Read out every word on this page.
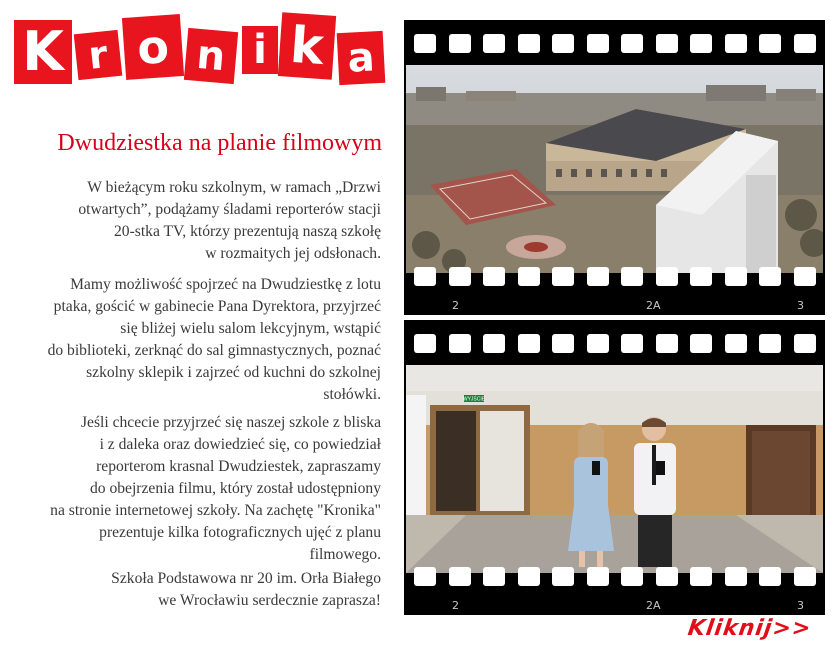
K r o n i k a
Dwudziestka na planie filmowym

W bieżącym roku szkolnym, w ramach „Drzwi

otwartych”, podążamy śladami reporterów stacji

20-stka TV, którzy prezentują naszą szkołę

w rozmaitych jej odsłonach.

Mamy możliwość spojrzeć na Dwudziestkę z lotu

ptaka, gościć w gabinecie Pana Dyrektora, przyjrzeć

się bliżej wielu salom lekcyjnym, wstąpić

do biblioteki, zerknąć do sal gimnastycznych, poznać

szkolny sklepik i zajrzeć od kuchni do szkolnej

stołówki.

Jeśli chcecie przyjrzeć się naszej szkole z bliska

i z daleka oraz dowiedzieć się, co powiedział

reporterom krasnal Dwudziestek, zapraszamy

do obejrzenia filmu, który został udostępniony

na stronie internetowej szkoły. Na zachętę "Kronika"

prezentuje kilka fotograficznych ujęć z planu

filmowego.

Szkoła Podstawowa nr 20 im. Orła Białego

we Wrocławiu serdecznie zaprasza!

2	2A	3
WYJŚCIE
2	2A	3
Kliknij>>
